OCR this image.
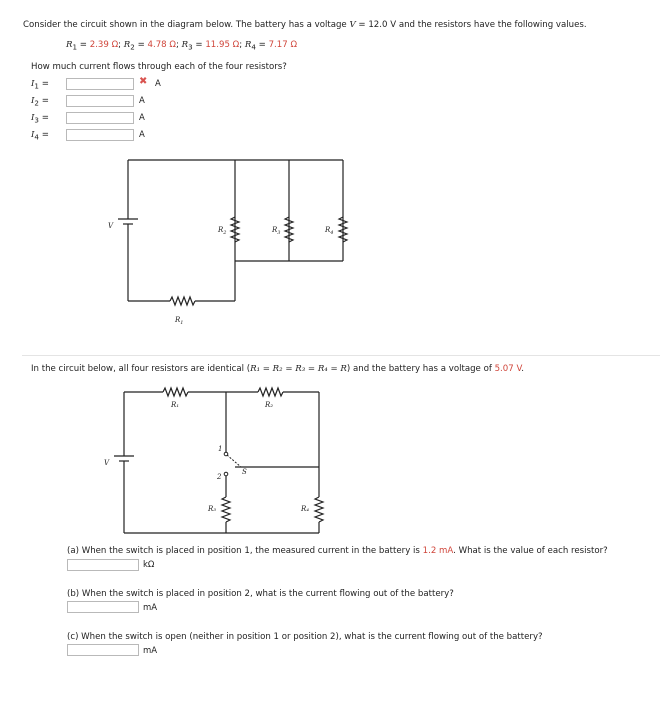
Consider the circuit shown in the diagram below. The battery has a voltage V = 12.0 V and the resistors have the following values.
$R_1 = 2.39$ Ω; $R_2 = 4.78$ Ω; $R_3 = 11.95$ Ω; $R_4 = 7.17$ Ω
How much current flows through each of the four resistors?
$I_1$ =	✖ A
$I_2$ =	A
$I_3$ =	A
$I_4$ =	A
V
$R_1$
$R_2$	$R_3$	$R_4$
In the circuit below, all four resistors are identical (R₁ = R₂ = R₃ = R₄ = R) and the battery has a voltage of 5.07 V.
1
2
S
V
R₁	R₂
R₃	R₄
(a) When the switch is placed in position 1, the measured current in the battery is 1.2 mA. What is the value of each resistor?
kΩ
(b) When the switch is placed in position 2, what is the current flowing out of the battery?
mA
(c) When the switch is open (neither in position 1 or position 2), what is the current flowing out of the battery?
mA
